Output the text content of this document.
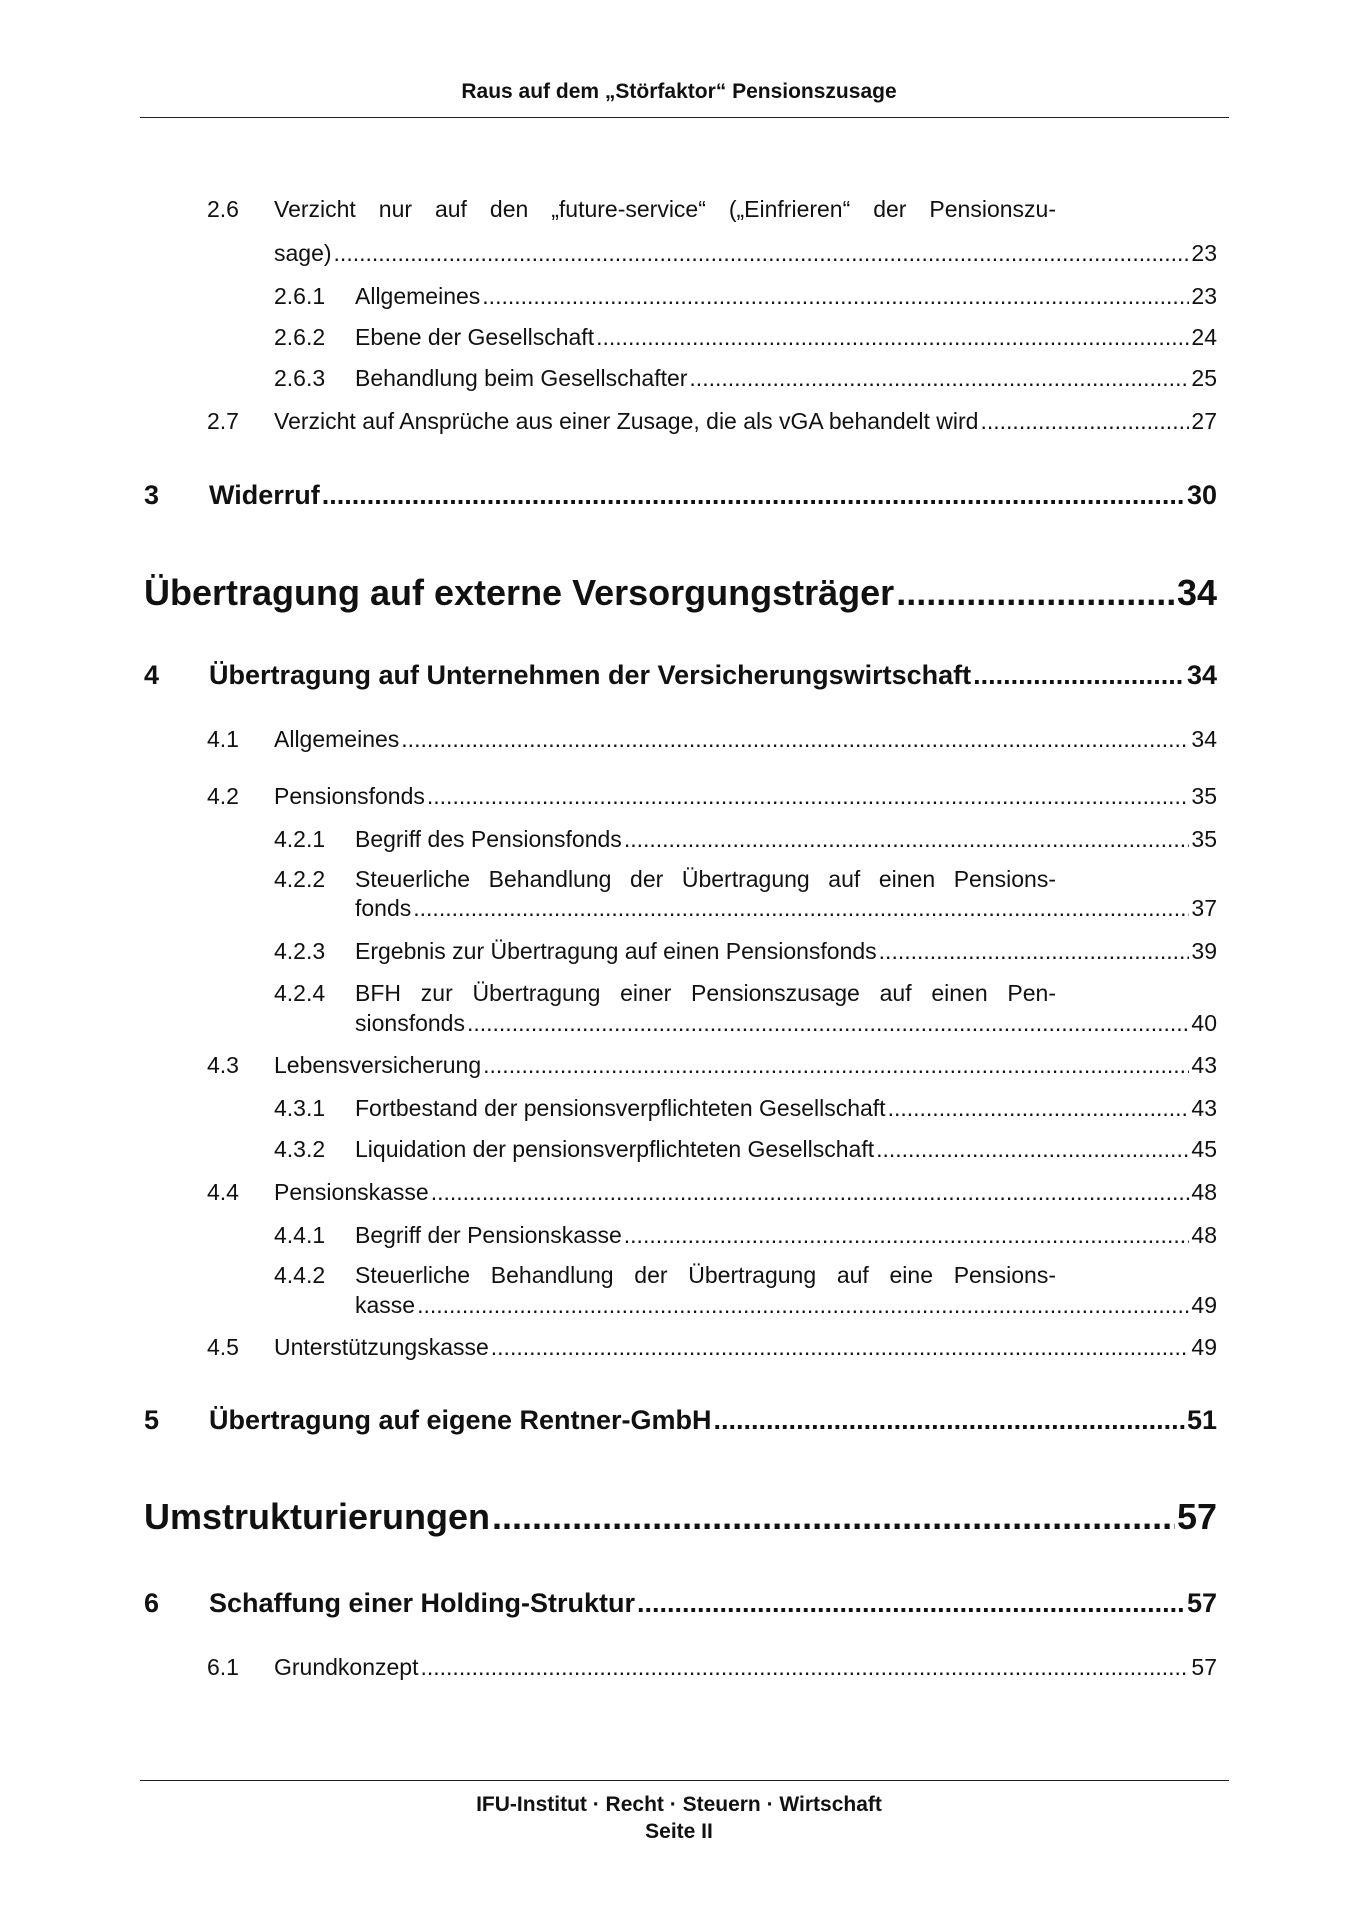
Raus auf dem „Störfaktor“ Pensionszusage
2.6 Verzicht nur auf den „future-service“ („Einfrieren“ der Pensionszu-
sage) .....	23
2.6.1	Allgemeines .....	23
2.6.2	Ebene der Gesellschaft .....	24
2.6.3	Behandlung beim Gesellschafter .....	25
2.7	Verzicht auf Ansprüche aus einer Zusage, die als vGA behandelt wird .....	27
3	Widerruf .....	30
Übertragung auf externe Versorgungsträger .....	34
4	Übertragung auf Unternehmen der Versicherungswirtschaft .....	34
4.1	Allgemeines .....	34
4.2	Pensionsfonds .....	35
4.2.1	Begriff des Pensionsfonds .....	35
4.2.2 Steuerliche Behandlung der Übertragung auf einen Pensions-
fonds .....	37
4.2.3	Ergebnis zur Übertragung auf einen Pensionsfonds .....	39
4.2.4 BFH zur Übertragung einer Pensionszusage auf einen Pen-
sionsfonds .....	40
4.3	Lebensversicherung .....	43
4.3.1	Fortbestand der pensionsverpflichteten Gesellschaft .....	43
4.3.2	Liquidation der pensionsverpflichteten Gesellschaft .....	45
4.4	Pensionskasse .....	48
4.4.1	Begriff der Pensionskasse .....	48
4.4.2 Steuerliche Behandlung der Übertragung auf eine Pensions-
kasse .....	49
4.5	Unterstützungskasse .....	49
5	Übertragung auf eigene Rentner-GmbH .....	51
Umstrukturierungen .....	57
6	Schaffung einer Holding-Struktur .....	57
6.1	Grundkonzept .....	57
IFU-Institut · Recht · Steuern · Wirtschaft
Seite II
